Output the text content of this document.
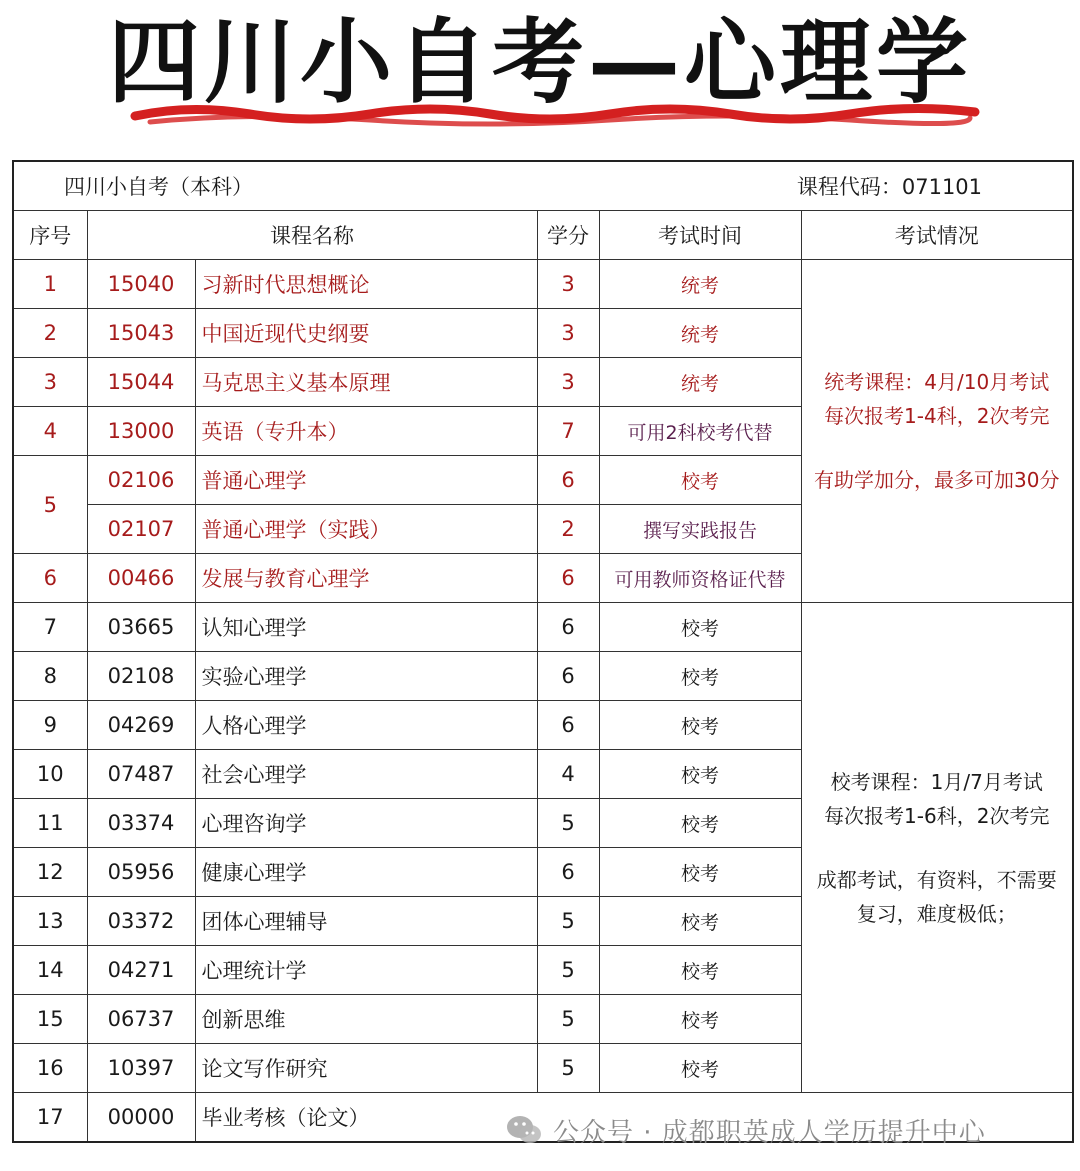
四川小自考—心理学
四川小自考（本科）			课程代码：071101		
序号	课程名称		学分	考试时间	考试情况
1	15040	习新时代思想概论	3	统考	统考课程：4月/10月考试

每次报考1-4科，2次考完

有助学加分，最多可加30分

2	15043	中国近现代史纲要	3	统考	
3	15044	马克思主义基本原理	3	统考	
4	13000	英语（专升本）	7	可用2科校考代替	
5	02106	普通心理学	6	校考	
	02107	普通心理学（实践）	2	撰写实践报告	
6	00466	发展与教育心理学	6	可用教师资格证代替	
7	03665	认知心理学	6	校考	校考课程：1月/7月考试

每次报考1-6科，2次考完

成都考试，有资料，不需要

复习，难度极低；

8	02108	实验心理学	6	校考	
9	04269	人格心理学	6	校考	
10	07487	社会心理学	4	校考	
11	03374	心理咨询学	5	校考	
12	05956	健康心理学	6	校考	
13	03372	团体心理辅导	5	校考	
14	04271	心理统计学	5	校考	
15	06737	创新思维	5	校考	
16	10397	论文写作研究	5	校考	
17	00000	毕业考核（论文）				公众号 · 成都职英成人学历提升中心
